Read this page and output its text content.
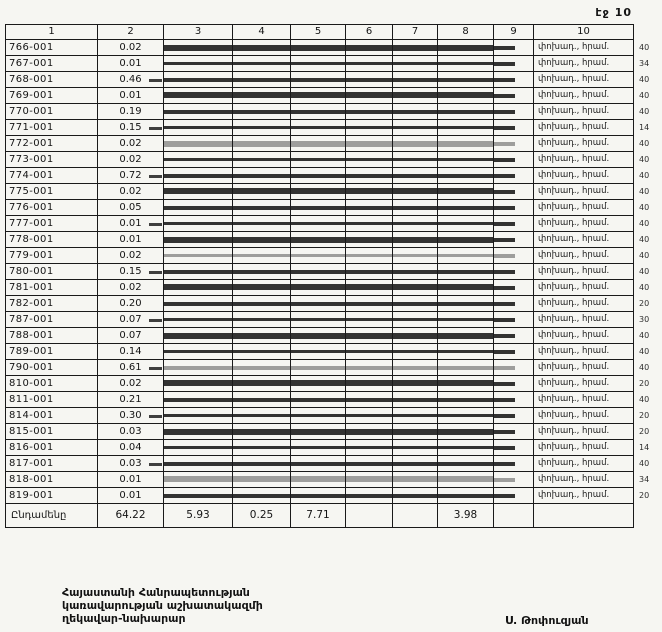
էջ 10
1	2	3	4	5	6	7	8	9	10	
766-001	0.02								փոխադ., հրամ.	40
767-001	0.01								փոխադ., հրամ.	34
768-001	0.46								փոխադ., հրամ.	40
769-001	0.01								փոխադ., հրամ.	40
770-001	0.19								փոխադ., հրամ.	40
771-001	0.15								փոխադ., հրամ.	14
772-001	0.02								փոխադ., հրամ.	40
773-001	0.02								փոխադ., հրամ.	40
774-001	0.72								փոխադ., հրամ.	40
775-001	0.02								փոխադ., հրամ.	40
776-001	0.05								փոխադ., հրամ.	40
777-001	0.01								փոխադ., հրամ.	40
778-001	0.01								փոխադ., հրամ.	40
779-001	0.02								փոխադ., հրամ.	40
780-001	0.15								փոխադ., հրամ.	40
781-001	0.02								փոխադ., հրամ.	40
782-001	0.20								փոխադ., հրամ.	20
787-001	0.07								փոխադ., հրամ.	30
788-001	0.07								փոխադ., հրամ.	40
789-001	0.14								փոխադ., հրամ.	40
790-001	0.61								փոխադ., հրամ.	40
810-001	0.02								փոխադ., հրամ.	20
811-001	0.21								փոխադ., հրամ.	40
814-001	0.30								փոխադ., հրամ.	20
815-001	0.03								փոխադ., հրամ.	20
816-001	0.04								փոխադ., հրամ.	14
817-001	0.03								փոխադ., հրամ.	40
818-001	0.01								փոխադ., հրամ.	34
819-001	0.01								փոխադ., հրամ.	20
Ընդամենը	64.22	5.93	0.25	7.71			3.98			
Հայաստանի Հանրապետության
կառավարության աշխատակազմի
ղեկավար-նախարար	Ս. Թոփուզյան
